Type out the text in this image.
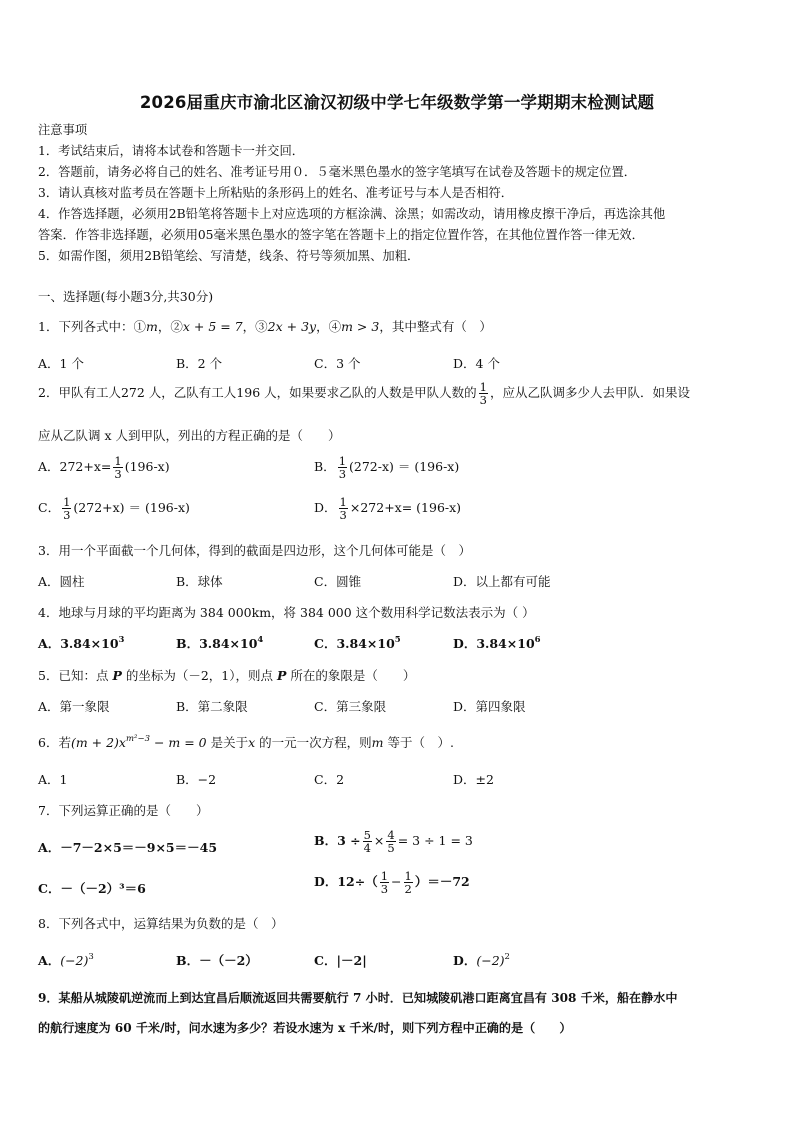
2026届重庆市渝北区渝汉初级中学七年级数学第一学期期末检测试题
注意事项
1．考试结束后，请将本试卷和答题卡一并交回．
2．答题前，请务必将自己的姓名、准考证号用０．５毫米黑色墨水的签字笔填写在试卷及答题卡的规定位置．
3．请认真核对监考员在答题卡上所粘贴的条形码上的姓名、准考证号与本人是否相符．
4．作答选择题，必须用2B铅笔将答题卡上对应选项的方框涂满、涂黑；如需改动，请用橡皮擦干净后，再选涂其他
答案．作答非选择题，必须用05毫米黑色墨水的签字笔在答题卡上的指定位置作答，在其他位置作答一律无效．
5．如需作图，须用2B铅笔绘、写清楚，线条、符号等须加黑、加粗．
一、选择题(每小题3分,共30分)
1．下列各式中：①m，②x + 5 = 7，③2x + 3y，④m > 3，其中整式有（　）
A．1 个	B．2 个	C．3 个	D．4 个
2．甲队有工人272 人，乙队有工人196 人，如果要求乙队的人数是甲队人数的 $\frac{1}{3}$ ，应从乙队调多少人去甲队．如果设
应从乙队调 x 人到甲队，列出的方程正确的是（　　）
A．$272+x= \frac{1}{3} (196-x)$	B． $\frac{1}{3} (272-x) = (196-x)$
C． $\frac{1}{3} (272+x) = (196-x)$	D． $\frac{1}{3} \times 272+x= (196-x)$
3．用一个平面截一个几何体，得到的截面是四边形，这个几何体可能是（　）
A．圆柱	B．球体	C．圆锥	D．以上都有可能
4．地球与月球的平均距离为 384 000km，将 384 000 这个数用科学记数法表示为（ ）
A．$3.84\times 10^3$	B．$3.84\times 10^4$	C．$3.84\times 10^5$	D．$3.84\times 10^6$
5．已知：点 P 的坐标为（－2，1），则点 P 所在的象限是（　　）
A．第一象限	B．第二象限	C．第三象限	D．第四象限
6．若$(m + 2)x^{m^2-3} - m = 0$ 是关于x 的一元一次方程，则m 等于（　）.
A．1	B．−2	C．2	D．±2
7．下列运算正确的是（　　）
A．－7－2×5＝－9×5＝－45	B．$3 \div \frac{5}{4} \times \frac{4}{5} = 3 \div 1 = 3$
C．－（－2）³＝6	D．$12\div( \frac{1}{3} - \frac{1}{2} )=-72$
8．下列各式中，运算结果为负数的是（　）
A．$(-2)^3$	B．－（－2）	C．|－2|	D．$(-2)^2$
9．某船从城陵矶逆流而上到达宜昌后顺流返回共需要航行 7 小时．已知城陵矶港口距离宜昌有 308 千米，船在静水中
的航行速度为 60 千米/时，问水速为多少？若设水速为 x 千米/时，则下列方程中正确的是（　　）
